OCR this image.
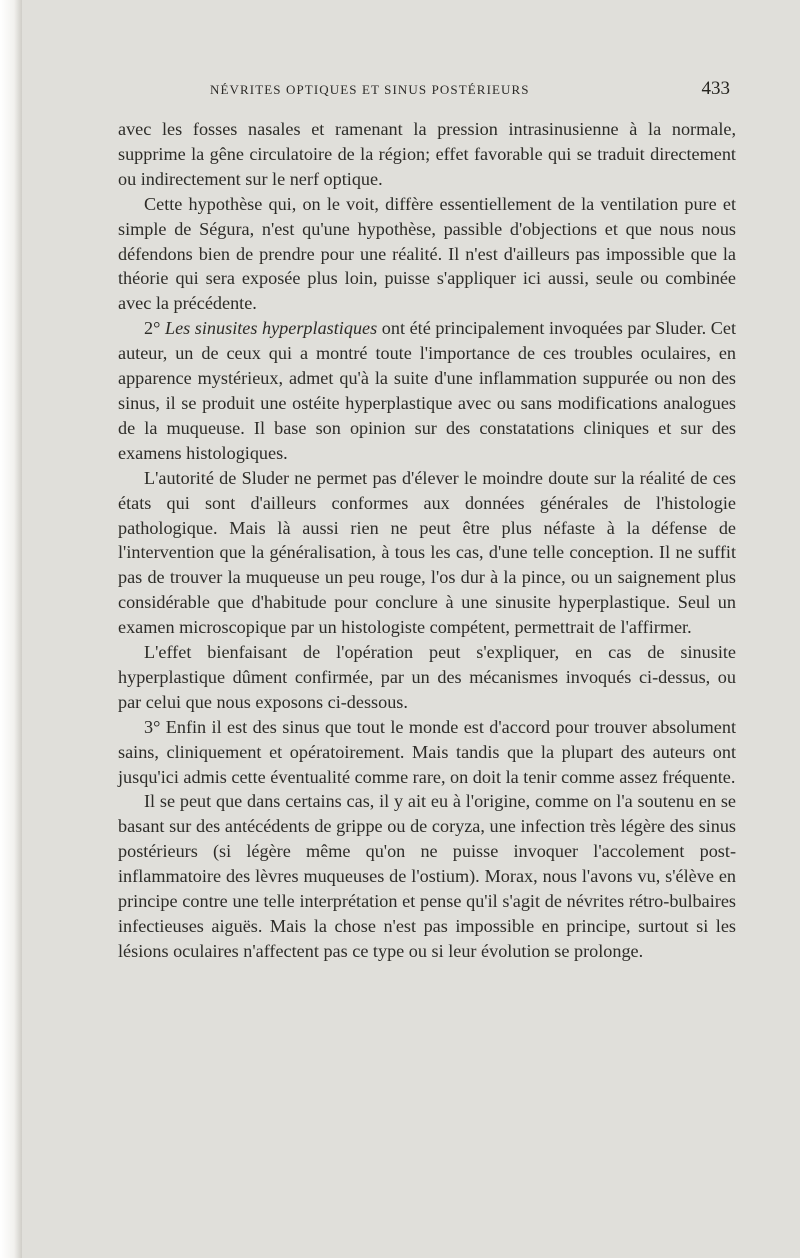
NÉVRITES OPTIQUES ET SINUS POSTÉRIEURS	433

avec les fosses nasales et ramenant la pression intrasinusienne à la normale, supprime la gêne circulatoire de la région; effet favorable qui se traduit directement ou indirectement sur le nerf optique.

Cette hypothèse qui, on le voit, diffère essentiellement de la ventilation pure et simple de Ségura, n'est qu'une hypothèse, passible d'objections et que nous nous défendons bien de prendre pour une réalité. Il n'est d'ailleurs pas impossible que la théorie qui sera exposée plus loin, puisse s'appliquer ici aussi, seule ou combinée avec la précédente.

2° Les sinusites hyperplastiques ont été principalement invoquées par Sluder. Cet auteur, un de ceux qui a montré toute l'importance de ces troubles oculaires, en apparence mystérieux, admet qu'à la suite d'une inflammation suppurée ou non des sinus, il se produit une ostéite hyperplastique avec ou sans modifications analogues de la muqueuse. Il base son opinion sur des constatations cliniques et sur des examens histologiques.

L'autorité de Sluder ne permet pas d'élever le moindre doute sur la réalité de ces états qui sont d'ailleurs conformes aux données générales de l'histologie pathologique. Mais là aussi rien ne peut être plus néfaste à la défense de l'intervention que la généralisation, à tous les cas, d'une telle conception. Il ne suffit pas de trouver la muqueuse un peu rouge, l'os dur à la pince, ou un saignement plus considérable que d'habitude pour conclure à une sinusite hyperplastique. Seul un examen microscopique par un histologiste compétent, permettrait de l'affirmer.

L'effet bienfaisant de l'opération peut s'expliquer, en cas de sinusite hyperplastique dûment confirmée, par un des mécanismes invoqués ci-dessus, ou par celui que nous exposons ci-dessous.

3° Enfin il est des sinus que tout le monde est d'accord pour trouver absolument sains, cliniquement et opératoirement. Mais tandis que la plupart des auteurs ont jusqu'ici admis cette éventualité comme rare, on doit la tenir comme assez fréquente.

Il se peut que dans certains cas, il y ait eu à l'origine, comme on l'a soutenu en se basant sur des antécédents de grippe ou de coryza, une infection très légère des sinus postérieurs (si légère même qu'on ne puisse invoquer l'accolement post-inflammatoire des lèvres muqueuses de l'ostium). Morax, nous l'avons vu, s'élève en principe contre une telle interprétation et pense qu'il s'agit de névrites rétro-bulbaires infectieuses aiguës. Mais la chose n'est pas impossible en principe, surtout si les lésions oculaires n'affectent pas ce type ou si leur évolution se prolonge.
